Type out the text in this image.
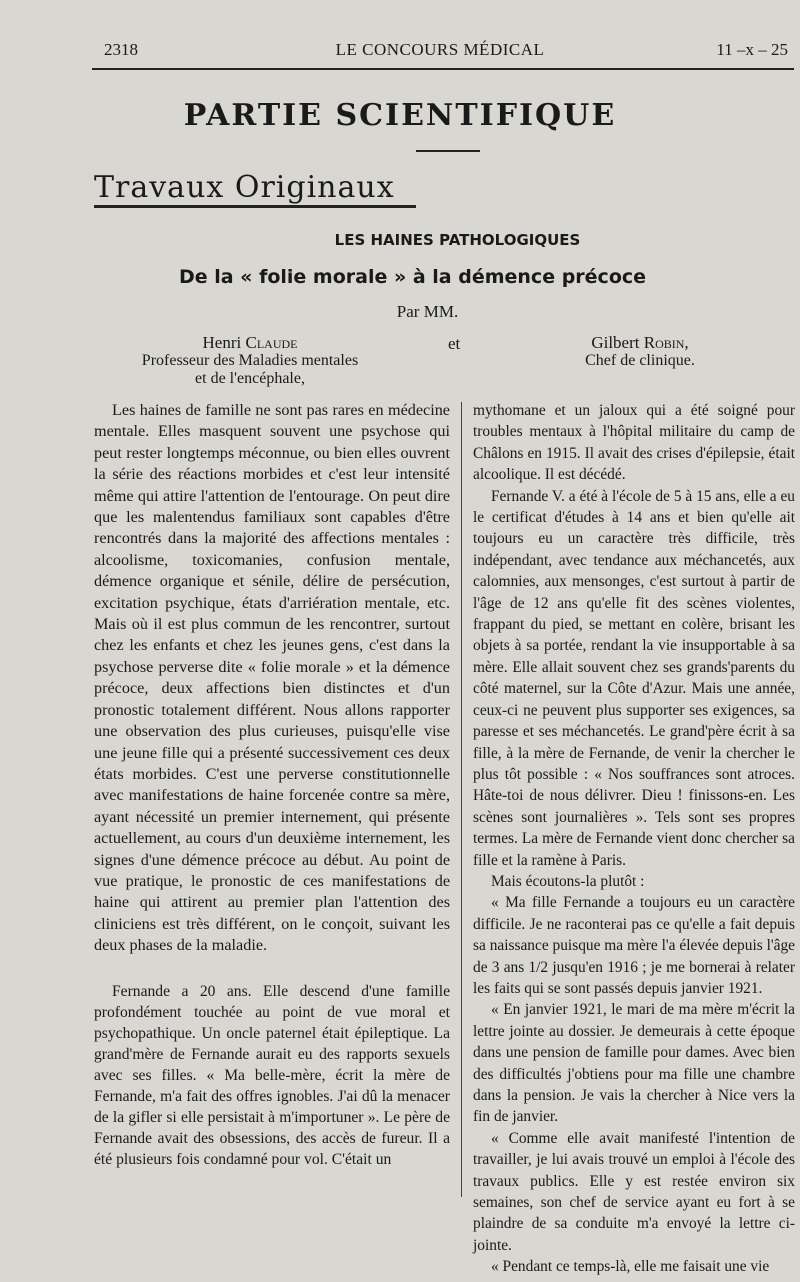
2318	LE CONCOURS MÉDICAL	11 –x – 25
PARTIE SCIENTIFIQUE
Travaux Originaux
LES HAINES PATHOLOGIQUES
De la « folie morale » à la démence précoce
Par MM.
Henri Claude
Professeur des Maladies mentales
et de l'encéphale,
et	Gilbert Robin,
Chef de clinique.

Les haines de famille ne sont pas rares en médecine mentale. Elles masquent souvent une psychose qui peut rester longtemps méconnue, ou bien elles ouvrent la série des réactions morbides et c'est leur intensité même qui attire l'attention de l'entourage. On peut dire que les malentendus familiaux sont capables d'être rencontrés dans la majorité des affections mentales : alcoolisme, toxicomanies, confusion mentale, démence organique et sénile, délire de persécution, excitation psychique, états d'arriération mentale, etc. Mais où il est plus commun de les rencontrer, surtout chez les enfants et chez les jeunes gens, c'est dans la psychose perverse dite « folie morale » et la démence précoce, deux affections bien distinctes et d'un pronostic totalement différent. Nous allons rapporter une observation des plus curieuses, puisqu'elle vise une jeune fille qui a présenté successivement ces deux états morbides. C'est une perverse constitutionnelle avec manifestations de haine forcenée contre sa mère, ayant nécessité un premier internement, qui présente actuellement, au cours d'un deuxième internement, les signes d'une démence précoce au début. Au point de vue pratique, le pronostic de ces manifestations de haine qui attirent au premier plan l'attention des cliniciens est très différent, on le conçoit, suivant les deux phases de la maladie.

Fernande a 20 ans. Elle descend d'une famille profondément touchée au point de vue moral et psychopathique. Un oncle paternel était épileptique. La grand'mère de Fernande aurait eu des rapports sexuels avec ses filles. « Ma belle-mère, écrit la mère de Fernande, m'a fait des offres ignobles. J'ai dû la menacer de la gifler si elle persistait à m'importuner ». Le père de Fernande avait des obsessions, des accès de fureur. Il a été plusieurs fois condamné pour vol. C'était un

mythomane et un jaloux qui a été soigné pour troubles mentaux à l'hôpital militaire du camp de Châlons en 1915. Il avait des crises d'épilepsie, était alcoolique. Il est décédé.

Fernande V. a été à l'école de 5 à 15 ans, elle a eu le certificat d'études à 14 ans et bien qu'elle ait toujours eu un caractère très difficile, très indépendant, avec tendance aux méchancetés, aux calomnies, aux mensonges, c'est surtout à partir de l'âge de 12 ans qu'elle fit des scènes violentes, frappant du pied, se mettant en colère, brisant les objets à sa portée, rendant la vie insupportable à sa mère. Elle allait souvent chez ses grands'parents du côté maternel, sur la Côte d'Azur. Mais une année, ceux-ci ne peuvent plus supporter ses exigences, sa paresse et ses méchancetés. Le grand'père écrit à sa fille, à la mère de Fernande, de venir la chercher le plus tôt possible : « Nos souffrances sont atroces. Hâte-toi de nous délivrer. Dieu ! finissons-en. Les scènes sont journalières ». Tels sont ses propres termes. La mère de Fernande vient donc chercher sa fille et la ramène à Paris.

Mais écoutons-la plutôt :

« Ma fille Fernande a toujours eu un caractère difficile. Je ne raconterai pas ce qu'elle a fait depuis sa naissance puisque ma mère l'a élevée depuis l'âge de 3 ans 1/2 jusqu'en 1916 ; je me bornerai à relater les faits qui se sont passés depuis janvier 1921.

« En janvier 1921, le mari de ma mère m'écrit la lettre jointe au dossier. Je demeurais à cette époque dans une pension de famille pour dames. Avec bien des difficultés j'obtiens pour ma fille une chambre dans la pension. Je vais la chercher à Nice vers la fin de janvier.

« Comme elle avait manifesté l'intention de travailler, je lui avais trouvé un emploi à l'école des travaux publics. Elle y est restée environ six semaines, son chef de service ayant eu fort à se plaindre de sa conduite m'a envoyé la lettre ci-jointe.

« Pendant ce temps-là, elle me faisait une vie
